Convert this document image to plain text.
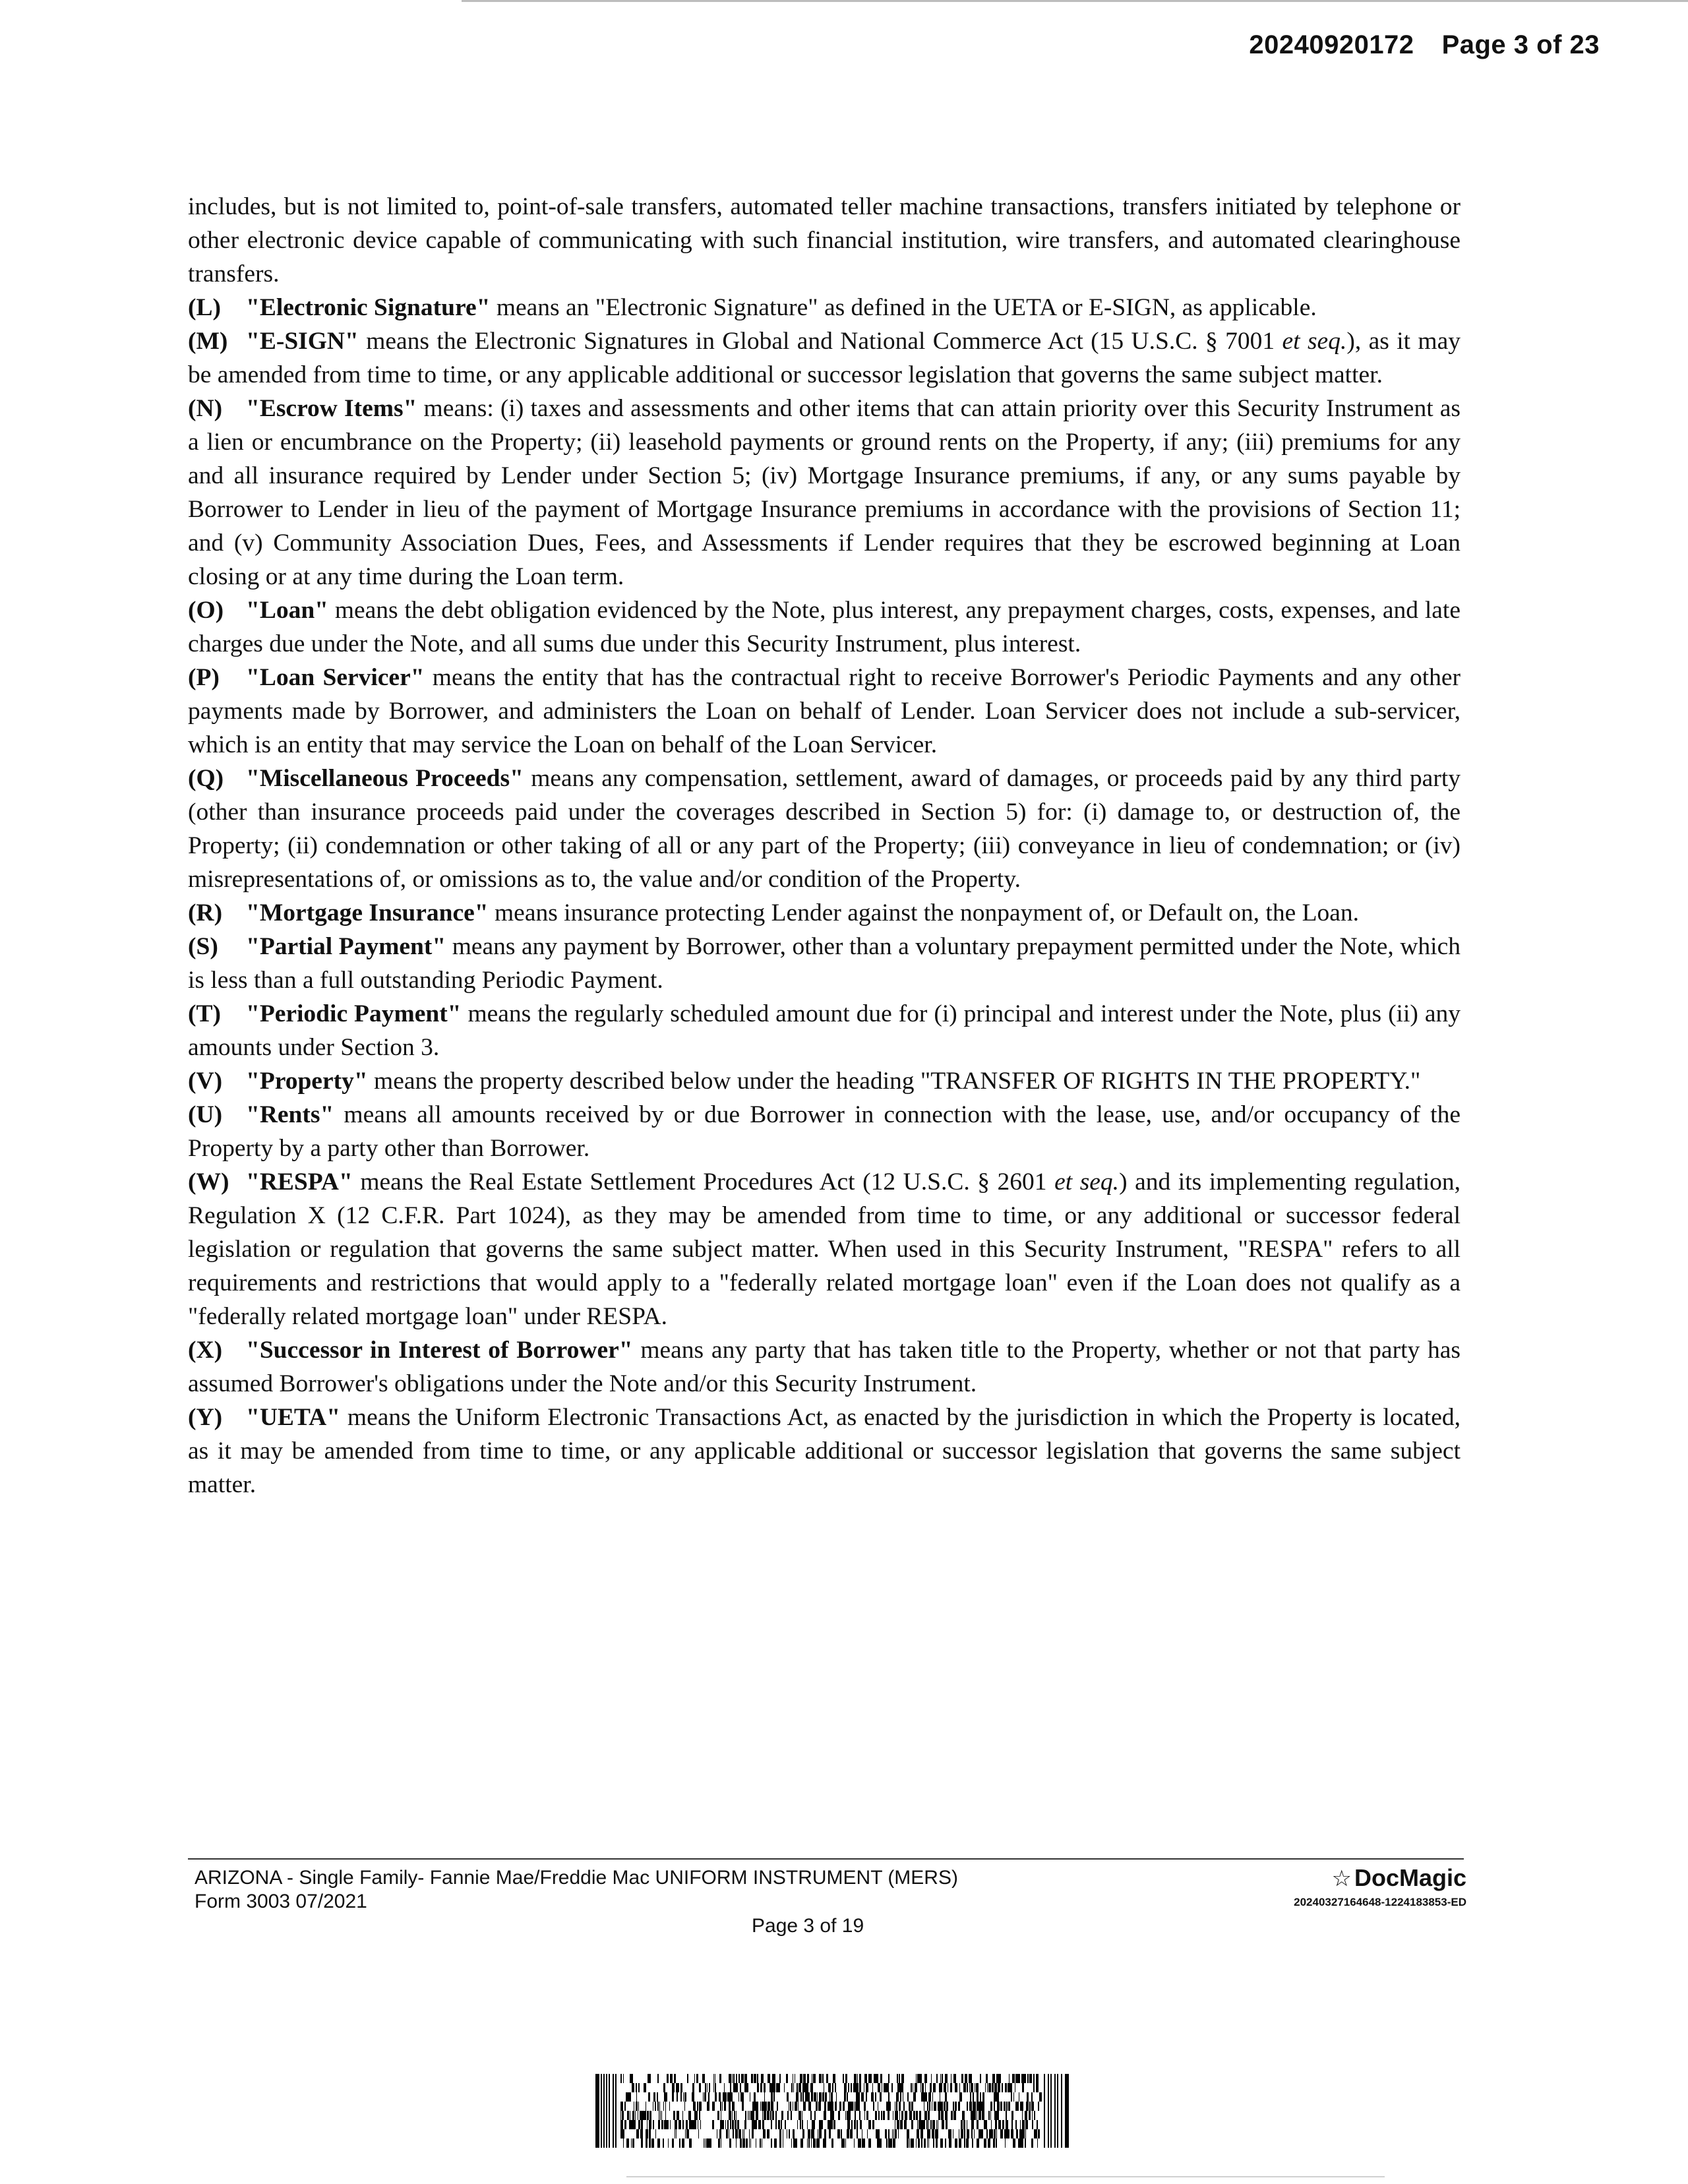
20240920172 Page 3 of 23

includes, but is not limited to, point-of-sale transfers, automated teller machine transactions, transfers initiated by telephone or other electronic device capable of communicating with such financial institution, wire transfers, and automated clearinghouse transfers.

(L) "Electronic Signature" means an "Electronic Signature" as defined in the UETA or E-SIGN, as applicable.

(M) "E-SIGN" means the Electronic Signatures in Global and National Commerce Act (15 U.S.C. § 7001 et seq.), as it may be amended from time to time, or any applicable additional or successor legislation that governs the same subject matter.

(N) "Escrow Items" means: (i) taxes and assessments and other items that can attain priority over this Security Instrument as a lien or encumbrance on the Property; (ii) leasehold payments or ground rents on the Property, if any; (iii) premiums for any and all insurance required by Lender under Section 5; (iv) Mortgage Insurance premiums, if any, or any sums payable by Borrower to Lender in lieu of the payment of Mortgage Insurance premiums in accordance with the provisions of Section 11; and (v) Community Association Dues, Fees, and Assessments if Lender requires that they be escrowed beginning at Loan closing or at any time during the Loan term.

(O) "Loan" means the debt obligation evidenced by the Note, plus interest, any prepayment charges, costs, expenses, and late charges due under the Note, and all sums due under this Security Instrument, plus interest.

(P) "Loan Servicer" means the entity that has the contractual right to receive Borrower's Periodic Payments and any other payments made by Borrower, and administers the Loan on behalf of Lender. Loan Servicer does not include a sub-servicer, which is an entity that may service the Loan on behalf of the Loan Servicer.

(Q) "Miscellaneous Proceeds" means any compensation, settlement, award of damages, or proceeds paid by any third party (other than insurance proceeds paid under the coverages described in Section 5) for: (i) damage to, or destruction of, the Property; (ii) condemnation or other taking of all or any part of the Property; (iii) conveyance in lieu of condemnation; or (iv) misrepresentations of, or omissions as to, the value and/or condition of the Property.

(R) "Mortgage Insurance" means insurance protecting Lender against the nonpayment of, or Default on, the Loan.

(S) "Partial Payment" means any payment by Borrower, other than a voluntary prepayment permitted under the Note, which is less than a full outstanding Periodic Payment.

(T) "Periodic Payment" means the regularly scheduled amount due for (i) principal and interest under the Note, plus (ii) any amounts under Section 3.

(V) "Property" means the property described below under the heading "TRANSFER OF RIGHTS IN THE PROPERTY."

(U) "Rents" means all amounts received by or due Borrower in connection with the lease, use, and/or occupancy of the Property by a party other than Borrower.

(W) "RESPA" means the Real Estate Settlement Procedures Act (12 U.S.C. § 2601 et seq.) and its implementing regulation, Regulation X (12 C.F.R. Part 1024), as they may be amended from time to time, or any additional or successor federal legislation or regulation that governs the same subject matter. When used in this Security Instrument, "RESPA" refers to all requirements and restrictions that would apply to a "federally related mortgage loan" even if the Loan does not qualify as a "federally related mortgage loan" under RESPA.

(X) "Successor in Interest of Borrower" means any party that has taken title to the Property, whether or not that party has assumed Borrower's obligations under the Note and/or this Security Instrument.

(Y) "UETA" means the Uniform Electronic Transactions Act, as enacted by the jurisdiction in which the Property is located, as it may be amended from time to time, or any applicable additional or successor legislation that governs the same subject matter.

ARIZONA - Single Family- Fannie Mae/Freddie Mac UNIFORM INSTRUMENT (MERS)
Form 3003 07/2021
Page 3 of 19
☆ DocMagic
20240327164648-1224183853-ED
